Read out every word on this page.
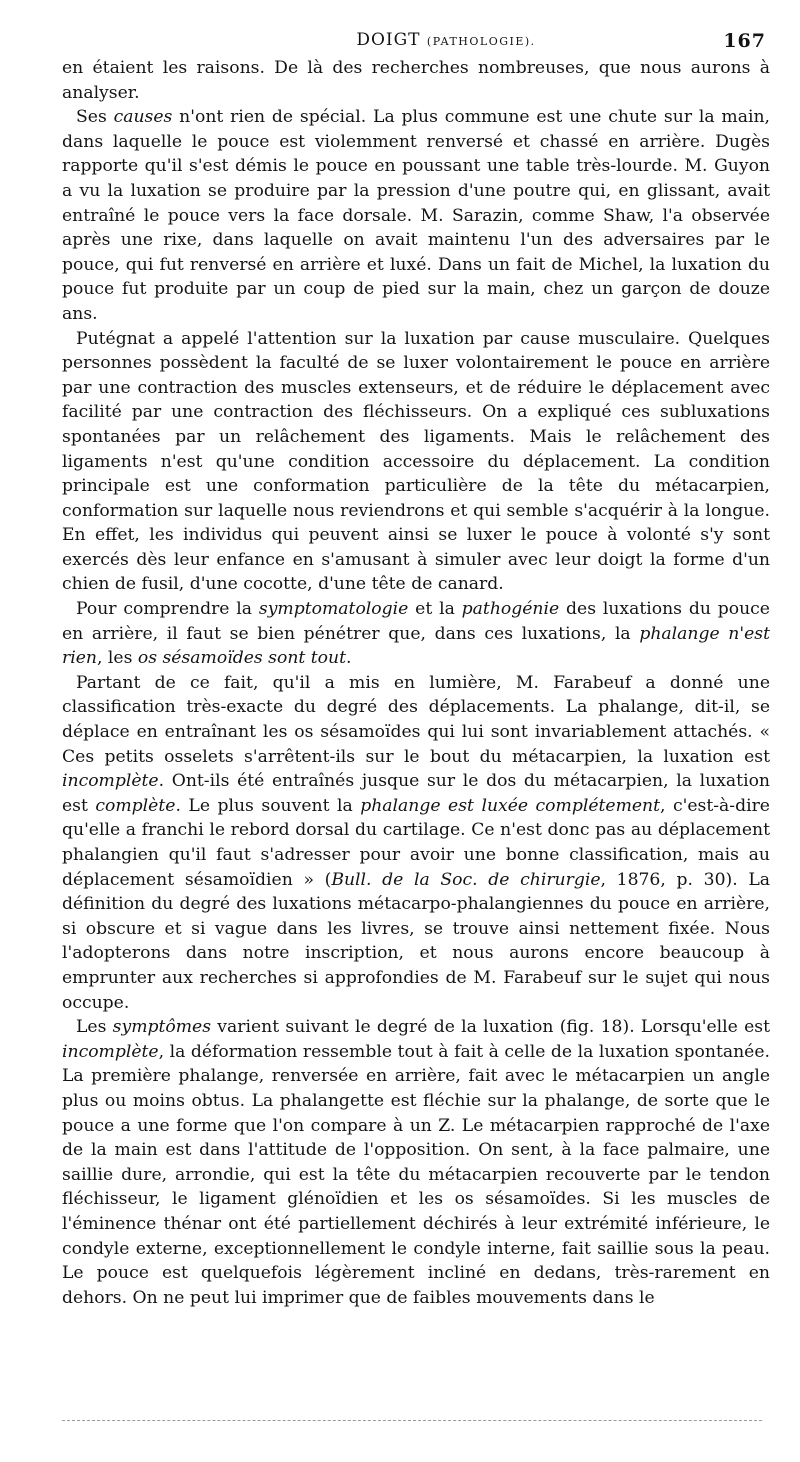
DOIGT (PATHOLOGIE).	167

en étaient les raisons. De là des recherches nombreuses, que nous aurons à analyser.

Ses causes n'ont rien de spécial. La plus commune est une chute sur la main, dans laquelle le pouce est violemment renversé et chassé en arrière. Dugès rapporte qu'il s'est démis le pouce en poussant une table très-lourde. M. Guyon a vu la luxation se produire par la pression d'une poutre qui, en glissant, avait entraîné le pouce vers la face dorsale. M. Sarazin, comme Shaw, l'a observée après une rixe, dans laquelle on avait maintenu l'un des adversaires par le pouce, qui fut renversé en arrière et luxé. Dans un fait de Michel, la luxation du pouce fut produite par un coup de pied sur la main, chez un garçon de douze ans.

Putégnat a appelé l'attention sur la luxation par cause musculaire. Quelques personnes possèdent la faculté de se luxer volontairement le pouce en arrière par une contraction des muscles extenseurs, et de réduire le déplacement avec facilité par une contraction des fléchisseurs. On a expliqué ces subluxations spontanées par un relâchement des ligaments. Mais le relâchement des ligaments n'est qu'une condition accessoire du déplacement. La condition principale est une conformation particulière de la tête du métacarpien, conformation sur laquelle nous reviendrons et qui semble s'acquérir à la longue. En effet, les individus qui peuvent ainsi se luxer le pouce à volonté s'y sont exercés dès leur enfance en s'amusant à simuler avec leur doigt la forme d'un chien de fusil, d'une cocotte, d'une tête de canard.

Pour comprendre la symptomatologie et la pathogénie des luxations du pouce en arrière, il faut se bien pénétrer que, dans ces luxations, la phalange n'est rien, les os sésamoïdes sont tout.

Partant de ce fait, qu'il a mis en lumière, M. Farabeuf a donné une classification très-exacte du degré des déplacements. La phalange, dit-il, se déplace en entraînant les os sésamoïdes qui lui sont invariablement attachés. « Ces petits osselets s'arrêtent-ils sur le bout du métacarpien, la luxation est incomplète. Ont-ils été entraînés jusque sur le dos du métacarpien, la luxation est complète. Le plus souvent la phalange est luxée complétement, c'est-à-dire qu'elle a franchi le rebord dorsal du cartilage. Ce n'est donc pas au déplacement phalangien qu'il faut s'adresser pour avoir une bonne classification, mais au déplacement sésamoïdien » (Bull. de la Soc. de chirurgie, 1876, p. 30). La définition du degré des luxations métacarpo-phalangiennes du pouce en arrière, si obscure et si vague dans les livres, se trouve ainsi nettement fixée. Nous l'adopterons dans notre inscription, et nous aurons encore beaucoup à emprunter aux recherches si approfondies de M. Farabeuf sur le sujet qui nous occupe.

Les symptômes varient suivant le degré de la luxation (fig. 18). Lorsqu'elle est incomplète, la déformation ressemble tout à fait à celle de la luxation spontanée. La première phalange, renversée en arrière, fait avec le métacarpien un angle plus ou moins obtus. La phalangette est fléchie sur la phalange, de sorte que le pouce a une forme que l'on compare à un Z. Le métacarpien rapproché de l'axe de la main est dans l'attitude de l'opposition. On sent, à la face palmaire, une saillie dure, arrondie, qui est la tête du métacarpien recouverte par le tendon fléchisseur, le ligament glénoïdien et les os sésamoïdes. Si les muscles de l'éminence thénar ont été partiellement déchirés à leur extrémité inférieure, le condyle externe, exceptionnellement le condyle interne, fait saillie sous la peau. Le pouce est quelquefois légèrement incliné en dedans, très-rarement en dehors. On ne peut lui imprimer que de faibles mouvements dans le
